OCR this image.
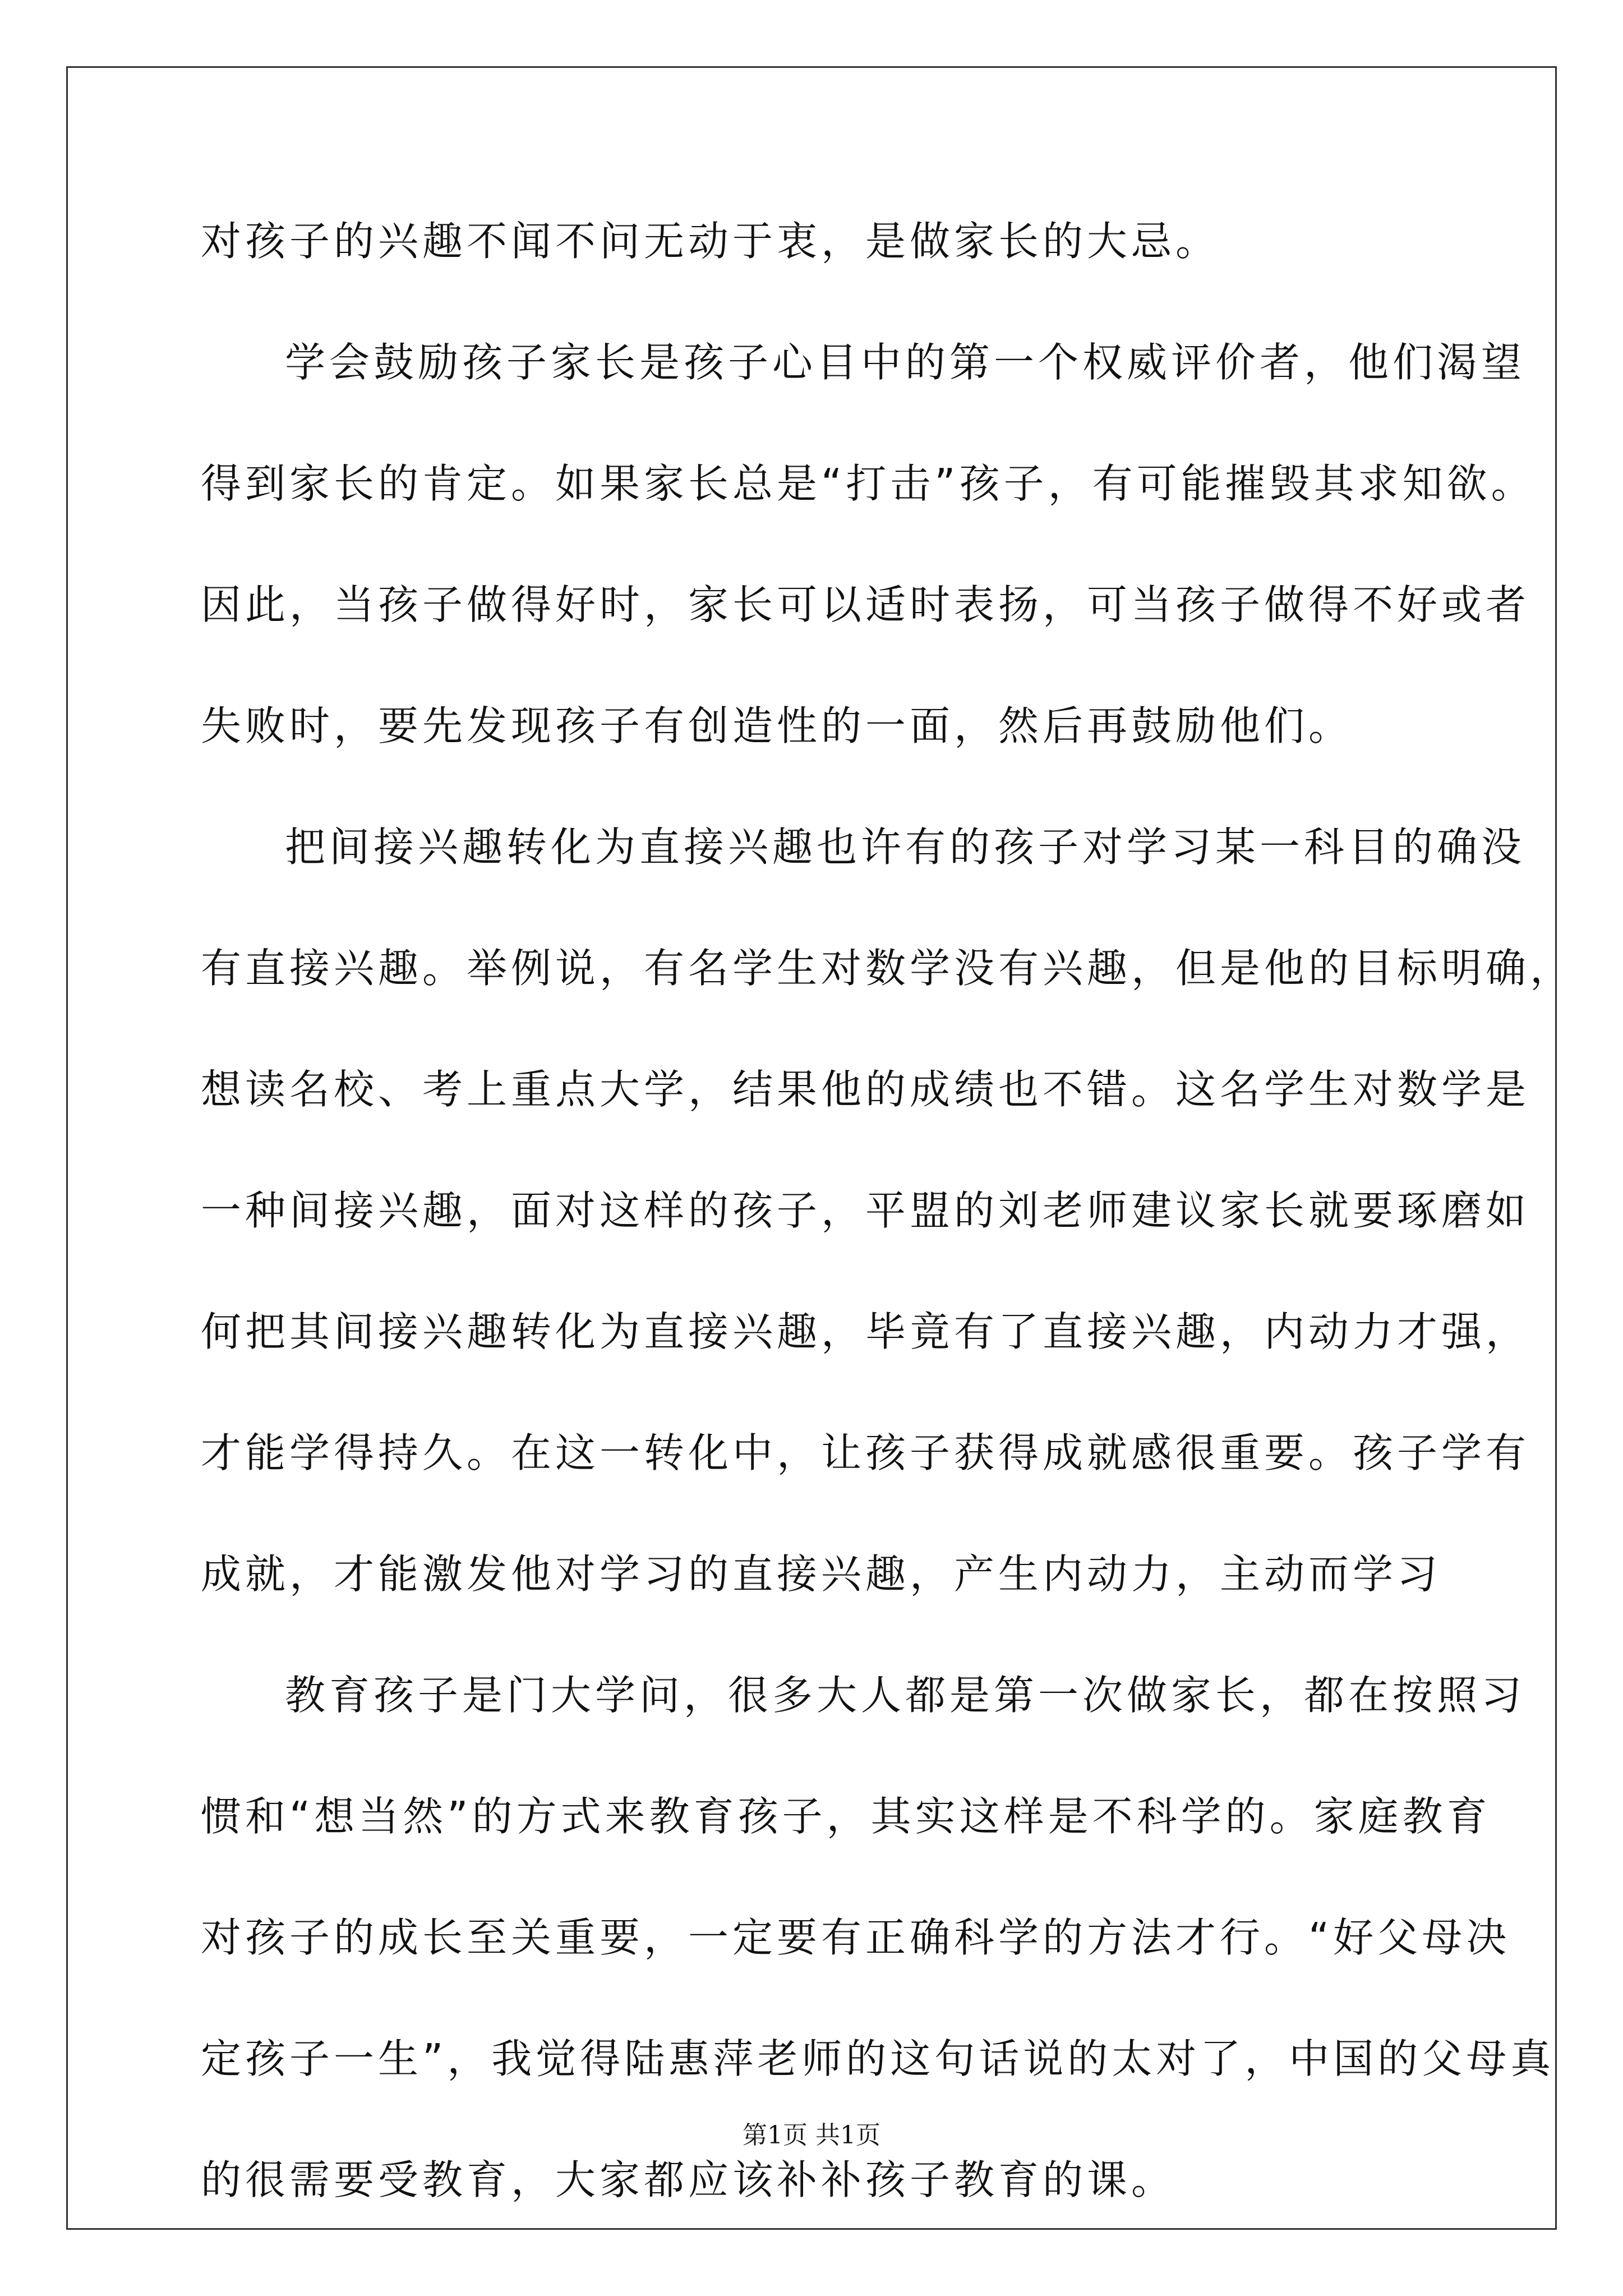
对孩子的兴趣不闻不问无动于衷，是做家长的大忌。
学会鼓励孩子家长是孩子心目中的第一个权威评价者，他们渴望
得到家长的肯定。如果家长总是“打击”孩子，有可能摧毁其求知欲。
因此，当孩子做得好时，家长可以适时表扬，可当孩子做得不好或者
失败时，要先发现孩子有创造性的一面，然后再鼓励他们。
把间接兴趣转化为直接兴趣也许有的孩子对学习某一科目的确没
有直接兴趣。举例说，有名学生对数学没有兴趣，但是他的目标明确，
想读名校、考上重点大学，结果他的成绩也不错。这名学生对数学是
一种间接兴趣，面对这样的孩子，平盟的刘老师建议家长就要琢磨如
何把其间接兴趣转化为直接兴趣，毕竟有了直接兴趣，内动力才强，
才能学得持久。在这一转化中，让孩子获得成就感很重要。孩子学有
成就，才能激发他对学习的直接兴趣，产生内动力，主动而学习
教育孩子是门大学问，很多大人都是第一次做家长，都在按照习
惯和“想当然”的方式来教育孩子，其实这样是不科学的。家庭教育
对孩子的成长至关重要，一定要有正确科学的方法才行。“好父母决
定孩子一生”，我觉得陆惠萍老师的这句话说的太对了，中国的父母真
的很需要受教育，大家都应该补补孩子教育的课。
第1页 共1页
